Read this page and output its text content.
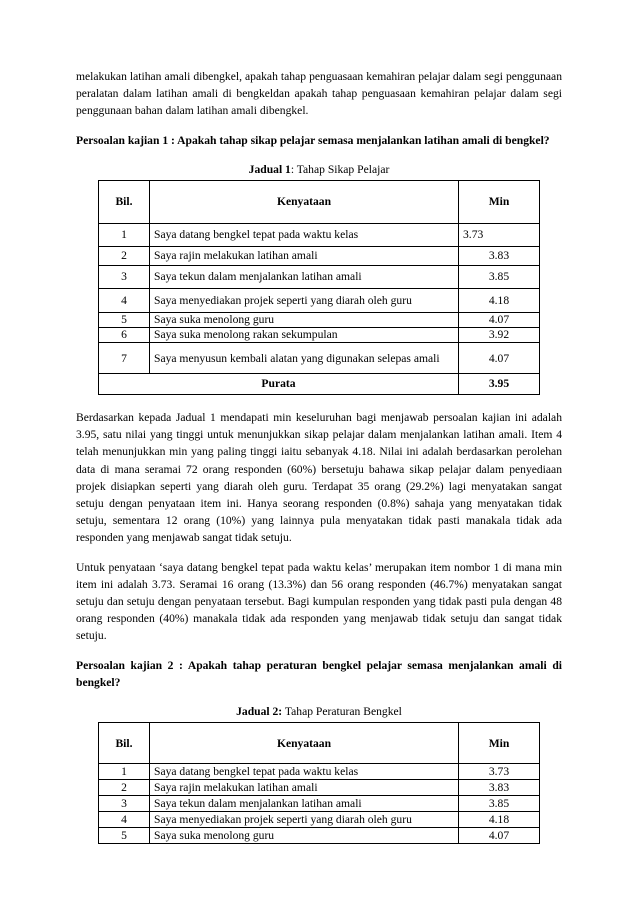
melakukan latihan amali dibengkel, apakah tahap penguasaan kemahiran pelajar dalam segi penggunaan peralatan dalam latihan amali di bengkeldan apakah tahap penguasaan kemahiran pelajar dalam segi penggunaan bahan dalam latihan amali dibengkel.

Persoalan kajian 1 : Apakah tahap sikap pelajar semasa menjalankan latihan amali di bengkel?

Jadual 1: Tahap Sikap Pelajar
Bil.	Kenyataan	Min
1	Saya datang bengkel tepat pada waktu kelas	3.73
2	Saya rajin melakukan latihan amali	3.83
3	Saya tekun dalam menjalankan latihan amali	3.85
4	Saya menyediakan projek seperti yang diarah oleh guru	4.18
5	Saya suka menolong guru	4.07
6	Saya suka menolong rakan sekumpulan	3.92
7	Saya menyusun kembali alatan yang digunakan selepas amali	4.07
Purata		3.95

Berdasarkan kepada Jadual 1 mendapati min keseluruhan bagi menjawab persoalan kajian ini adalah 3.95, satu nilai yang tinggi untuk menunjukkan sikap pelajar dalam menjalankan latihan amali. Item 4 telah menunjukkan min yang paling tinggi iaitu sebanyak 4.18. Nilai ini adalah berdasarkan perolehan data di mana seramai 72 orang responden (60%) bersetuju bahawa sikap pelajar dalam penyediaan projek disiapkan seperti yang diarah oleh guru. Terdapat 35 orang (29.2%) lagi menyatakan sangat setuju dengan penyataan item ini. Hanya seorang responden (0.8%) sahaja yang menyatakan tidak setuju, sementara 12 orang (10%) yang lainnya pula menyatakan tidak pasti manakala tidak ada responden yang menjawab sangat tidak setuju.

Untuk penyataan ‘saya datang bengkel tepat pada waktu kelas’ merupakan item nombor 1 di mana min item ini adalah 3.73. Seramai 16 orang (13.3%) dan 56 orang responden (46.7%) menyatakan sangat setuju dan setuju dengan penyataan tersebut. Bagi kumpulan responden yang tidak pasti pula dengan 48 orang responden (40%) manakala tidak ada responden yang menjawab tidak setuju dan sangat tidak setuju.

Persoalan kajian 2 : Apakah tahap peraturan bengkel pelajar semasa menjalankan amali di bengkel?

Jadual 2: Tahap Peraturan Bengkel
Bil.	Kenyataan	Min
1	Saya datang bengkel tepat pada waktu kelas	3.73
2	Saya rajin melakukan latihan amali	3.83
3	Saya tekun dalam menjalankan latihan amali	3.85
4	Saya menyediakan projek seperti yang diarah oleh guru	4.18
5	Saya suka menolong guru	4.07
